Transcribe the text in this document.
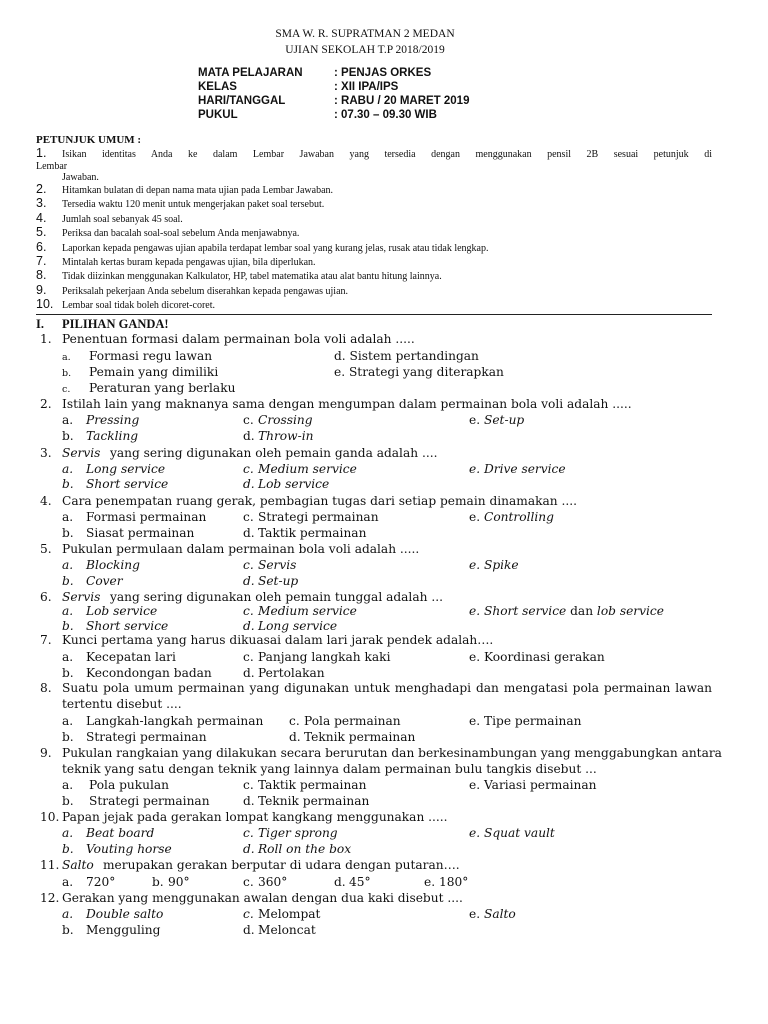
SMA W. R. SUPRATMAN 2 MEDAN
UJIAN SEKOLAH T.P 2018/2019
MATA PELAJARAN	: PENJAS ORKES
KELAS	: XII IPA/IPS
HARI/TANGGAL	: RABU / 20 MARET 2019
PUKUL	: 07.30 – 09.30 WIB
PETUNJUK UMUM :
1. Isikan identitas Anda ke dalam Lembar Jawaban yang tersedia dengan menggunakan pensil 2B sesuai petunjuk di
Lembar
Jawaban.
2. Hitamkan bulatan di depan nama mata ujian pada Lembar Jawaban.
3. Tersedia waktu 120 menit untuk mengerjakan paket soal tersebut.
4. Jumlah soal sebanyak 45 soal.
5. Periksa dan bacalah soal-soal sebelum Anda menjawabnya.
6. Laporkan kepada pengawas ujian apabila terdapat lembar soal yang kurang jelas, rusak atau tidak lengkap.
7. Mintalah kertas buram kepada pengawas ujian, bila diperlukan.
8. Tidak diizinkan menggunakan Kalkulator, HP, tabel matematika atau alat bantu hitung lainnya.
9. Periksalah pekerjaan Anda sebelum diserahkan kepada pengawas ujian.
10. Lembar soal tidak boleh dicoret-coret.
I. PILIHAN GANDA!
1. Penentuan formasi dalam permainan bola voli adalah .....
a. Formasi regu lawan
b. Pemain yang dimiliki
c. Peraturan yang berlaku
d. Sistem pertandingan
e. Strategi yang diterapkan
2. Istilah lain yang maknanya sama dengan mengumpan dalam permainan bola voli adalah .....
a. Pressing
b. Tackling
c. Crossing
d. Throw-in
e. Set-up
3. Servis yang sering digunakan oleh pemain ganda adalah ....
a. Long service
b. Short service
c. Medium service
d. Lob service
e. Drive service
4. Cara penempatan ruang gerak, pembagian tugas dari setiap pemain dinamakan ....
a. Formasi permainan
b. Siasat permainan
c. Strategi permainan
d. Taktik permainan
e. Controlling
5. Pukulan permulaan dalam permainan bola voli adalah .....
a. Blocking
b. Cover
c. Servis
d. Set-up
e. Spike
6. Servis yang sering digunakan oleh pemain tunggal adalah ...
a. Lob service
b. Short service
c. Medium service
d. Long service
e. Short service dan lob service
7. Kunci pertama yang harus dikuasai dalam lari jarak pendek adalah….
a. Kecepatan lari
b. Kecondongan badan
c. Panjang langkah kaki
d. Pertolakan
e. Koordinasi gerakan
8. Suatu pola umum permainan yang digunakan untuk menghadapi dan mengatasi pola permainan lawan
tertentu disebut ....
a. Langkah-langkah permainan
b. Strategi permainan
c. Pola permainan
d. Teknik permainan
e. Tipe permainan
9. Pukulan rangkaian yang dilakukan secara berurutan dan berkesinambungan yang menggabungkan antara
teknik yang satu dengan teknik yang lainnya dalam permainan bulu tangkis disebut ...
a. Pola pukulan
b. Strategi permainan
c. Taktik permainan
d. Teknik permainan
e. Variasi permainan
10. Papan jejak pada gerakan lompat kangkang menggunakan .....
a. Beat board
b. Vouting horse
c. Tiger sprong
d. Roll on the box
e. Squat vault
11. Salto merupakan gerakan berputar di udara dengan putaran….
a. 720°	b. 90°	c. 360°	d. 45°	e. 180°
12. Gerakan yang menggunakan awalan dengan dua kaki disebut ....
a. Double salto
b. Mengguling
c. Melompat
d. Meloncat
e. Salto
